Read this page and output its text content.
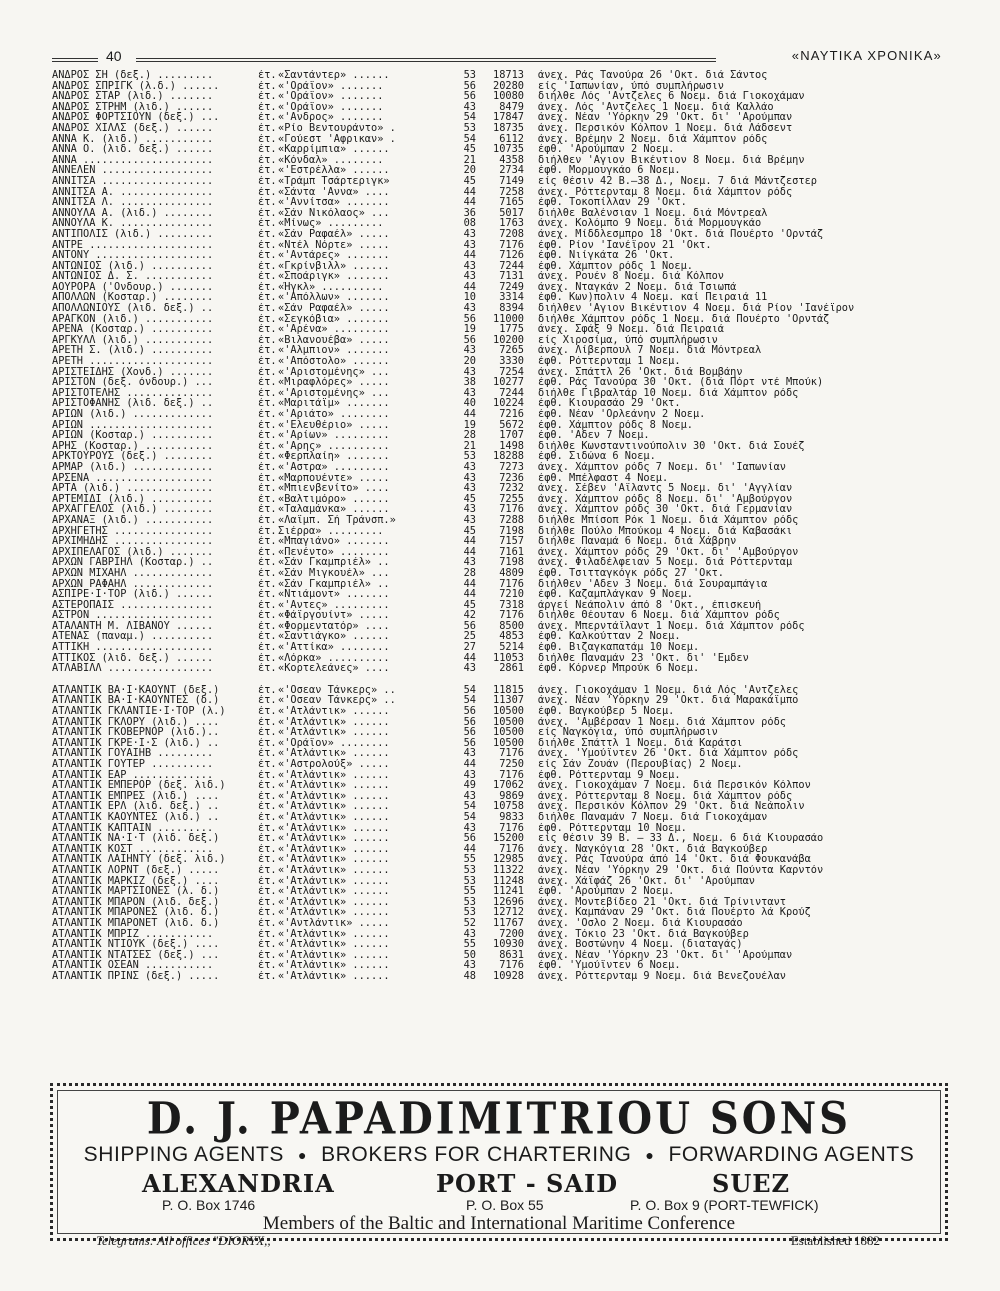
40	«ΝΑΥΤΙΚΑ ΧΡΟΝΙΚΑ»
ΑΝΔΡΟΣ ΣΗ (δεξ.) .........	έτ. «Σαντάντερ» ......	53	18713 άνεχ. Ράς Τανούρα 26 'Οκτ. διά Σάντος
ΑΝΔΡΟΣ ΣΠΡΙΓΚ (λ.δ.) ......	έτ. «'Οράϊον» .......	56	20280 είς 'Ιαπωνίαν, ύπό συμπλήρωσιν
ΑΝΔΡΟΣ ΣΤΑΡ (λιδ.) .......	έτ. «'Οράϊον» .......	56	10080 διήλθε Λός 'Αντζελες 6 Νοεμ. διά Γιοκοχάμαν
ΑΝΔΡΟΣ ΣΤΡΗΜ (λιδ.) ......	έτ. «'Οράϊον» .......	43	8479 άνεχ. Λός 'Αντζελες 1 Νοεμ. διά Καλλάο
ΑΝΔΡΟΣ ΦΟΡΤΣΙΟΥΝ (δεξ.) ...	έτ. «'Ανδρος» .......	54	17847 άνεχ. Νέαν 'Υόρκην 29 'Οκτ. δι' 'Αρούμπαν
ΑΝΔΡΟΣ ΧΙΛΛΣ (δεξ.) ......	έτ. «Ρίο Βεντουράντο» .	53	18735 άνεχ. Περσικόν Κόλπον 1 Νοεμ. διά Λάδσεντ
ΑΝΝΑ Κ. (λιδ.) ...........	έτ. «Γούεστ 'Αφρικαν» .	54	6112 άνεχ. Βρέμην 2 Νοεμ. διά Χάμπτον ρόδς
ΑΝΝΑ Ο. (λιδ. δεξ.) ......	έτ. «Καρρίμπια» ......	45	10735 έφθ. 'Αρούμπαν 2 Νοεμ.
ΑΝΝΑ .....................	έτ. «Κόνδαλ» ........	21	4358 διήλθεν 'Αγιον Βικέντιον 8 Νοεμ. διά Βρέμην
ΑΝΝΕΛΕΝ ..................	έτ. «'Εστρέλλα» ......	20	2734 έφθ. Μορμουγκάο 6 Νοεμ.
ΑΝΝΙΤΣΑ ..................	έτ. «Τράμπ Τσάρτεριγκ»	45	7149 είς θέσιν 42 Β.—38 Δ., Νοεμ. 7 διά Μάντζεστερ
ΑΝΝΙΤΣΑ Α. ...............	έτ. «Σάντα 'Αννα» ....	44	7258 άνεχ. Ρόττερνταμ 8 Νοεμ. διά Χάμπτον ρόδς
ΑΝΝΙΤΣΑ Λ. ...............	έτ. «'Αννίτσα» .......	44	7165 έφθ. Τοκοπίλλαν 29 'Οκτ.
ΑΝΝΟΥΛΑ Α. (λιδ.) ........	έτ. «Σάν Νικόλαος» ...	36	5017 διήλθε Βαλένσιαν 1 Νοεμ. διά Μόντρεαλ
ΑΝΝΟΥΛΑ Κ. ...............	έτ. «Μίνως» .........	08	1763 άνεχ. Κολόμπο 9 Νοεμ. διά Μορμουγκάο
ΑΝΤΙΠΟΛΙΣ (λιδ.) .........	έτ. «Σάν Ραφαέλ» .....	43	7208 άνεχ. Μίδδλεσμπρο 18 'Οκτ. διά Πουέρτο 'Ορντάζ
ΑΝΤΡΕ ....................	έτ. «Ντέλ Νόρτε» .....	43	7176 έφθ. Ρίον 'Ιανέϊρον 21 'Οκτ.
ΑΝΤΟΝΥ ...................	έτ. «'Αντάρες» .......	44	7126 έφθ. Νιίγκάτα 26 'Οκτ.
ΑΝΤΩΝΙΟΣ (λιδ.) ..........	έτ. «Γκρίνβιλλ» ......	43	7244 έφθ. Χάμπτον ρόδς 1 Νοεμ.
ΑΝΤΩΝΙΟΣ Δ. Σ. ...........	έτ. «Σποάριγκ» .......	43	7131 άνεχ. Ρουέν 8 Νοεμ. διά Κόλπον
ΑΟΥΡΟΡΑ ('Ονδουρ.) .......	έτ. «Ήγκλ» ..........	44	7249 άνεχ. Νταγκάν 2 Νοεμ. διά Τσιωπά
ΑΠΟΛΛΩΝ (Κοσταρ.) ........	έτ. «'Απόλλων» .......	10	3314 έφθ. Κων)πολιν 4 Νοεμ. καί Πειραιά 11
ΑΠΟΛΛΩΝΙΟΥΣ (λιδ. δεξ.) ..	έτ. «Σάν Ραφαέλ» .....	43	8394 διήλθεν 'Αγιον Βικέντιον 4 Νοεμ. διά Ρίον 'Ιανέϊρον
ΑΡΑΓΚΟΝ (λιδ.) ...........	έτ. «Σεγκόβια» .......	56	11000 διήλθε Χάμπτον ρόδς 1 Νοεμ. διά Πουέρτο 'Ορντάζ
ΑΡΕΝΑ (Κοσταρ.) ..........	έτ. «'Αρένα» .........	19	1775 άνεχ. Σφάξ 9 Νοεμ. διά Πειραιά
ΑΡΓΚΥΛΛ (λιδ.) ...........	έτ. «Βιλανουέβα» .....	56	10200 είς Χιροσίμα, ύπό συμπλήρωσιν
ΑΡΕΤΗ Σ. (λιδ.) ..........	έτ. «'Αλμπιον» .......	43	7265 άνεχ. Λίβερπουλ 7 Νοεμ. διά Μόντρεαλ
ΑΡΕΤΗ ....................	έτ. «'Απόστολο» ......	20	3330 έφθ. Ρόττερνταμ 1 Νοεμ.
ΑΡΙΣΤΕΙΔΗΣ (Χονδ.) .......	έτ. «'Αριστομένης» ...	43	7254 άνεχ. Σπάττλ 26 'Οκτ. διά Βομβάην
ΑΡΙΣΤΟΝ (δεξ. όνδουρ.) ...	έτ. «Μιραφλόρες» .....	38	10277 έφθ. Ράς Τανούρα 30 'Οκτ. (διά Πόρτ ντέ Μπούκ)
ΑΡΙΣΤΟΤΕΛΗΣ ..............	έτ. «'Αριστομένης» ...	43	7244 διήλθε Γιβραλτάρ 10 Νοεμ. διά Χάμπτον ρόδς
ΑΡΙΣΤΟΦΑΝΗΣ (λιδ. δεξ.) ..	έτ. «Μαριτάϊμ» .......	40	10224 έφθ. Κιουρασάο 29 'Οκτ.
ΑΡΙΩΝ (λιδ.) .............	έτ. «'Αριάτο» ........	44	7216 έφθ. Νέαν 'Ορλεάνην 2 Νοεμ.
ΑΡΙΩΝ ....................	έτ. «'Ελευθέριο» .....	19	5672 έφθ. Χάμπτον ρόδς 8 Νοεμ.
ΑΡΙΩΝ (Κοσταρ.) ..........	έτ. «'Αρίων» .........	28	1707 έφθ. 'Αδεν 7 Νοεμ.
ΑΡΗΣ (Κοσταρ.) ...........	έτ. «'Αρης» ..........	21	1498 διήλθε Κωνσταντινούπολιν 30 'Οκτ. διά Σουέζ
ΑΡΚΤΟΥΡΟΥΣ (δεξ.) ........	έτ. «Φερπλαίη» .......	53	18288 έφθ. Σιδώνα 6 Νοεμ.
ΑΡΜΑΡ (λιδ.) .............	έτ. «'Αστρα» .........	43	7273 άνεχ. Χάμπτον ρόδς 7 Νοεμ. δι' 'Ιαπωνίαν
ΑΡΣΕΝΑ ...................	έτ. «Μαρπουέντε» .....	43	7236 έφθ. Μπέλφαστ 4 Νοεμ.
ΑΡΤΑ (λιδ.) ..............	έτ. «Μπιενβενίτο» ....	43	7232 άνεχ. Σέβεν 'Αϊλαντς 5 Νοεμ. δι' 'Αγγλίαν
ΑΡΤΕΜΙΔΙ (λιδ.) ..........	έτ. «Βαλτιμόρο» ......	45	7255 άνεχ. Χάμπτον ρόδς 8 Νοεμ. δι' 'Αμβούργον
ΑΡΧΑΓΓΕΛΟΣ (λιδ.) ........	έτ. «Ταλαμάνκα» ......	43	7176 άνεχ. Χάμπτον ρόδς 30 'Οκτ. διά Γερμανίαν
ΑΡΧΑΝΑΞ (λιδ.) ...........	έτ. «Λαϊμπ. Σή Τράνσπ.»	43	7288 διήλθε Μπίσοπ Ρόκ 1 Νοεμ. διά Χάμπτον ρόδς
ΑΡΧΗΓΕΤΗΣ ................	έτ. Σιέρρα» .........	45	7198 διήλθε Πούλο Μπούκομ 4 Νοεμ. διά Καβασάκι
ΑΡΧΙΜΗΔΗΣ ................	έτ. «Μπαγιάνο» .......	44	7157 διήλθε Παναμά 6 Νοεμ. διά Χάβρην
ΑΡΧΙΠΕΛΑΓΟΣ (λιδ.) .......	έτ. «Πενέντο» ........	44	7161 άνεχ. Χάμπτον ρόδς 29 'Οκτ. δι' 'Αμβούργον
ΑΡΧΩΝ ΓΑΒΡΙΗΛ (Κοσταρ.) ..	έτ. «Σάν Γκαμπριέλ» ..	43	7198 άνεχ. Φιλαδέλφειαν 5 Νοεμ. διά Ρόττερνταμ
ΑΡΧΩΝ ΜΙΧΑΗΛ .............	έτ. «Σάν Μιγκουέλ» ...	28	4809 έφθ. Τσιτταγκόγκ ρόδς 27 'Οκτ.
ΑΡΧΩΝ ΡΑΦΑΗΛ .............	έτ. «Σάν Γκαμπριέλ» ..	44	7176 διήλθεν 'Αδεν 3 Νοεμ. διά Σουραμπάγια
ΑΣΠΙΡΕ·Ι·ΤΟΡ (λιδ.) ......	έτ. «Ντιάμοντ» .......	44	7210 έφθ. Καζαμπλάγκαν 9 Νοεμ.
ΑΣΤΕΡΟΠΑΙΣ ...............	έτ. «'Αντες» .........	45	7318 άργεί Νεάπολιν άπό 8 'Οκτ., έπισκευή
ΑΣΤΡΟΝ ...................	έτ. «Φάϊργουίντ» .....	42	7176 διήλθε Θέουταν 6 Νοεμ. διά Χάμπτον ρόδς
ΑΤΑΛΑΝΤΗ Μ. ΛΙΒΑΝΟΥ ......	έτ. «Φορμεντατόρ» ....	56	8500 άνεχ. Μπερντάϊλαντ 1 Νοεμ. διά Χάμπτον ρόδς
ΑΤΕΝΑΣ (παναμ.) ..........	έτ. «Σαντιάγκο» ......	25	4853 έφθ. Καλκούτταν 2 Νοεμ.
ΑΤΤΙΚΗ ...................	έτ. «'Αττίκα» ........	27	5214 έφθ. Βιζαγκαπατάμ 10 Νοεμ.
ΑΤΤΙΚΟΣ (λιδ. δεξ.) ......	έτ. «Λόρκα» ..........	44	11053 διήλθε Παναμάν 23 'Οκτ. δι' 'Εμδεν
ΑΤΛΑΒΙΛΛ .................	έτ. «Κορτελεάνες» ....	43	2861 έφθ. Κόρνερ Μπρούκ 6 Νοεμ.
ΑΤΛΑΝΤΙΚ ΒΑ·Ι·ΚΑΟΥΝΤ (δεξ.)	έτ. «'Οσεαν Τάνκερς» ..	54	11815 άνεχ. Γιοκοχάμαν 1 Νοεμ. διά Λός 'Αντζελες
ΑΤΛΑΝΤΙΚ ΒΑ·Ι·ΚΑΟΥΝΤΕΣ (δ.)	έτ. «'Οσεαν Τάνκερς» ..	54	11307 άνεχ. Νέαν 'Υόρκην 29 'Οκτ. διά Μαρακάϊμπο
ΑΤΛΑΝΤΙΚ ΓΚΛΑΝΤΙΕ·Ι·ΤΟΡ (λ.)	έτ. «'Ατλάντικ» ......	56	10500 έφθ. Βαγκούβερ 5 Νοεμ.
ΑΤΛΑΝΤΙΚ ΓΚΛΟΡΥ (λιδ.) ....	έτ. «'Ατλάντικ» ......	56	10500 άνεχ. 'Αμβέρσαν 1 Νοεμ. διά Χάμπτον ρόδς
ΑΤΛΑΝΤΙΚ ΓΚΟΒΕΡΝΟΡ (λιδ.)..	έτ. «'Ατλάντικ» ......	56	10500 είς Ναγκόγια, ύπό συμπλήρωσιν
ΑΤΛΑΝΤΙΚ ΓΚΡΕ·Ι·Σ (λιδ.) ..	έτ. «'Οράϊον» ........	56	10500 διήλθε Σπάττλ 1 Νοεμ. διά Καράτσι
ΑΤΛΑΝΤΙΚ ΓΟΥΑΙΗΒ .........	έτ. «'Ατλάντικ» ......	43	7176 άνεχ. 'Υμούϊντεν 26 'Οκτ. διά Χάμπτον ρόδς
ΑΤΛΑΝΤΙΚ ΓΟΥΤΕΡ ..........	έτ. «'Αστρολούξ» .....	44	7250 είς Σάν Ζουάν (Περουβίας) 2 Νοεμ.
ΑΤΛΑΝΤΙΚ ΕΑΡ .............	έτ. «'Ατλάντικ» ......	43	7176 έφθ. Ρόττερνταμ 9 Νοεμ.
ΑΤΛΑΝΤΙΚ ΕΜΠΕΡΟΡ (δεξ. λιδ.)	έτ. «'Ατλάντικ» ......	49	17062 άνεχ. Γιοκοχάμαν 7 Νοεμ. διά Περσικόν Κόλπον
ΑΤΛΑΝΤΙΚ ΕΜΠΡΕΣ (λιδ.) ....	έτ. «'Ατλάντικ» ......	43	9869 άνεχ. Ρόττερνταμ 8 Νοεμ. διά Χάμπτον ρόδς
ΑΤΛΑΝΤΙΚ ΕΡΛ (λιδ. δεξ.) ..	έτ. «'Ατλάντικ» ......	54	10758 άνεχ. Περσικόν Κόλπον 29 'Οκτ. διά Νεάπολιν
ΑΤΛΑΝΤΙΚ ΚΑΟΥΝΤΕΣ (λιδ.) ..	έτ. «'Ατλάντικ» ......	54	9833 διήλθε Παναμάν 7 Νοεμ. διά Γιοκοχάμαν
ΑΤΛΑΝΤΙΚ ΚΑΠΤΑΙΝ .........	έτ. «'Ατλάντικ» ......	43	7176 έφθ. Ρόττερνταμ 10 Νοεμ.
ΑΤΛΑΝΤΙΚ ΝΑ·Ι·Τ (λιδ. δεξ.)	έτ. «'Ατλάντικ» ......	56	15200 είς θέσιν 39 Β. — 33 Δ., Νοεμ. 6 διά Κιουρασάο
ΑΤΛΑΝΤΙΚ ΚΟΣΤ ............	έτ. «'Ατλάντικ» ......	44	7176 άνεχ. Ναγκόγια 28 'Οκτ. διά Βαγκούβερ
ΑΤΛΑΝΤΙΚ ΛΑΙΗΝΤΥ (δεξ. λιδ.)	έτ. «'Ατλάντικ» ......	55	12985 άνεχ. Ράς Τανούρα άπό 14 'Οκτ. διά Φουκανάβα
ΑΤΛΑΝΤΙΚ ΛΟΡΝΤ (δεξ.) .....	έτ. «'Ατλάντικ» ......	53	11322 άνεχ. Νέαν 'Υόρκην 29 'Οκτ. διά Πούντα Καρντόν
ΑΤΛΑΝΤΙΚ ΜΑΡΚΙΖ (δεξ.) ....	έτ. «'Ατλάντικ» ......	53	11248 άνεχ. Χάϊφάζ 26 'Οκτ. δι' 'Αρούμπαν
ΑΤΛΑΝΤΙΚ ΜΑΡΤΣΙΟΝΕΣ (λ. δ.)	έτ. «'Ατλάντικ» ......	55	11241 έφθ. 'Αρούμπαν 2 Νοεμ.
ΑΤΛΑΝΤΙΚ ΜΠΑΡΟΝ (λιδ. δεξ.)	έτ. «'Ατλάντικ» ......	53	12696 άνεχ. Μοντεβίδεο 21 'Οκτ. διά Τρίνινταντ
ΑΤΛΑΝΤΙΚ ΜΠΑΡΟΝΕΣ (λιδ. δ.)	έτ. «'Ατλάντικ» ......	53	12712 άνεχ. Καμπάναν 29 'Οκτ. διά Πουέρτο λά Κρούζ
ΑΤΛΑΝΤΙΚ ΜΠΑΡΟΝΕΤ (λιδ. δ.)	έτ. «'Αντλάντικ» .....	52	11767 άνεχ. 'Οσλο 2 Νοεμ. διά Κιουρασάο
ΑΤΛΑΝΤΙΚ ΜΠΡΙΖ ...........	έτ. «'Ατλάντικ» ......	43	7200 άνεχ. Τόκιο 23 'Οκτ. διά Βαγκούβερ
ΑΤΛΑΝΤΙΚ ΝΤΙΟΥΚ (δεξ.) ....	έτ. «'Ατλάντικ» ......	55	10930 άνεχ. Βοστώνην 4 Νοεμ. (διαταγάς)
ΑΤΛΑΝΤΙΚ ΝΤΑΤΣΕΣ (δεξ.) ...	έτ. «'Ατλάντικ» ......	50	8631 άνεχ. Νέαν 'Υόρκην 23 'Οκτ. δι' 'Αρούμπαν
ΑΤΛΑΝΤΙΚ ΟΣΕΑΝ ...........	έτ. «'Ατλάντικ» ......	43	7176 έφθ. 'Υμούϊντεν 6 Νοεμ.
ΑΤΛΑΝΤΙΚ ΠΡΙΝΣ (δεξ.) .....	έτ. «'Ατλάντικ» ......	48	10928 άνεχ. Ρόττερνταμ 9 Νοεμ. διά Βενεζουέλαν
D. J. PAPADIMITRIOU SONS
SHIPPING AGENTS ● BROKERS FOR CHARTERING ● FORWARDING AGENTS
ALEXANDRIA	PORT - SAID	SUEZ
P. O. Box 1746	P. O. Box 55	P. O. Box 9 (PORT-TEWFICK)
Members of the Baltic and International Maritime Conference
Telegrams: All offices "DIORYX,,	Established 1882
